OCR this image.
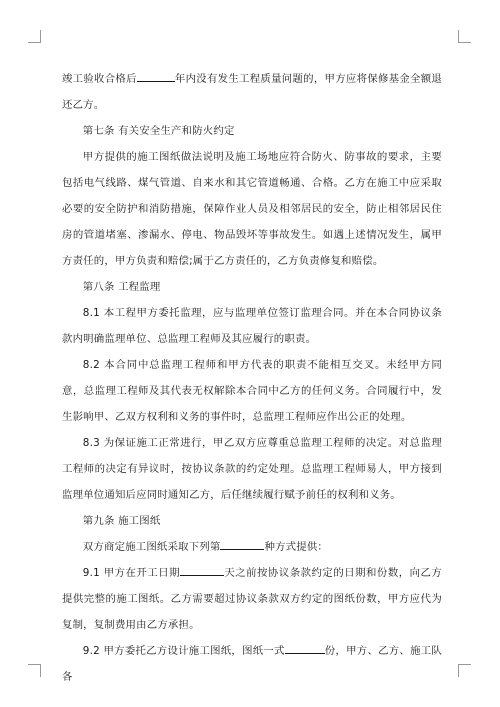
竣工验收合格后	年内没有发生工程质量问题的，甲方应将保修基金全额退还乙方。

第七条 有关安全生产和防火约定

甲方提供的施工图纸做法说明及施工场地应符合防火、防事故的要求，主要包括电气线路、煤气管道、自来水和其它管道畅通、合格。乙方在施工中应采取必要的安全防护和消防措施，保障作业人员及相邻居民的安全，防止相邻居民住房的管道堵塞、渗漏水、停电、物品毁坏等事故发生。如遇上述情况发生，属甲方责任的，甲方负责和赔偿;属于乙方责任的，乙方负责修复和赔偿。

第八条 工程监理

8.1 本工程甲方委托监理，应与监理单位签订监理合同。并在本合同协议条款内明确监理单位、总监理工程师及其应履行的职责。

8.2 本合同中总监理工程师和甲方代表的职责不能相互交叉。未经甲方同意，总监理工程师及其代表无权解除本合同中乙方的任何义务。合同履行中，发生影响甲、乙双方权利和义务的事件时，总监理工程师应作出公正的处理。

8.3 为保证施工正常进行，甲乙双方应尊重总监理工程师的决定。对总监理工程师的决定有异议时，按协议条款的约定处理。总监理工程师易人，甲方接到监理单位通知后应同时通知乙方，后任继续履行赋予前任的权利和义务。

第九条 施工图纸

双方商定施工图纸采取下列第	种方式提供：

9.1 甲方在开工日期	天之前按协议条款约定的日期和份数，向乙方提供完整的施工图纸。乙方需要超过协议条款双方约定的图纸份数，甲方应代为复制，复制费用由乙方承担。

9.2 甲方委托乙方设计施工图纸，图纸一式	份，甲方、乙方、施工队各
